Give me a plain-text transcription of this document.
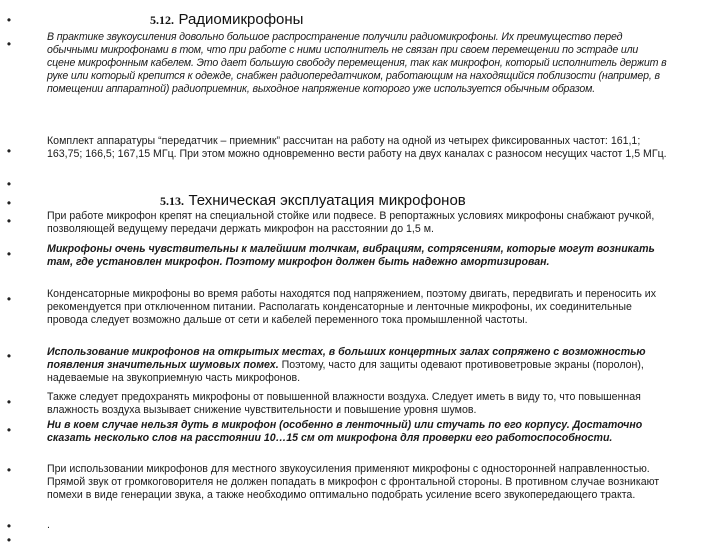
•
•
•
•
•
•
•
•
•
•
•
•
•
•
5.12. Радиомикрофоны
В практике звукоусиления довольно большое распространение получили радиомикрофоны. Их преимущество перед обычными микрофонами в том, что при работе с ними исполнитель не связан при своем перемещении по эстраде или сцене микрофонным кабелем. Это дает большую свободу перемещения, так как микрофон, который исполнитель держит в руке или который крепится к одежде, снабжен радиопередатчиком, работающим на находящийся поблизости (например, в помещении аппаратной) радиоприемник, выходное напряжение которого уже используется обычным образом.
Комплект аппаратуры “передатчик – приемник” рассчитан на работу на одной из четырех фиксированных частот: 161,1; 163,75; 166,5; 167,15 МГц. При этом можно одновременно вести работу на двух каналах с разносом несущих частот 1,5 МГц.
5.13. Техническая эксплуатация микрофонов
При работе микрофон крепят на специальной стойке или подвесе. В репортажных условиях микрофоны снабжают ручкой, позволяющей ведущему передачи держать микрофон на расстоянии до 1,5 м.
Микрофоны очень чувствительны к малейшим толчкам, вибрациям, сотрясениям, которые могут возникать там, где установлен микрофон. Поэтому микрофон должен быть надежно амортизирован.
Конденсаторные микрофоны во время работы находятся под напряжением, поэтому двигать, передвигать и переносить их рекомендуется при отключенном питании. Располагать конденсаторные и ленточные микрофоны, их соединительные провода следует возможно дальше от сети и кабелей переменного тока промышленной частоты.
Использование микрофонов на открытых местах, в больших концертных залах сопряжено с возможностью появления значительных шумовых помех. Поэтому, часто для защиты одевают противоветровые экраны (поролон), надеваемые на звукоприемную часть микрофонов.
Также следует предохранять микрофоны от повышенной влажности воздуха. Следует иметь в виду то, что повышенная влажность воздуха вызывает снижение чувствительности и повышение уровня шумов.
Ни в коем случае нельзя дуть в микрофон (особенно в ленточный) или стучать по его корпусу. Достаточно сказать несколько слов на расстоянии 10…15 см от микрофона для проверки его работоспособности.
При использовании микрофонов для местного звукоусиления применяют микрофоны с односторонней направленностью. Прямой звук от громкоговорителя не должен попадать в микрофон с фронтальной стороны. В противном случае возникают помехи в виде генерации звука, а также необходимо оптимально подобрать усиление всего звукопередающего тракта.
.
